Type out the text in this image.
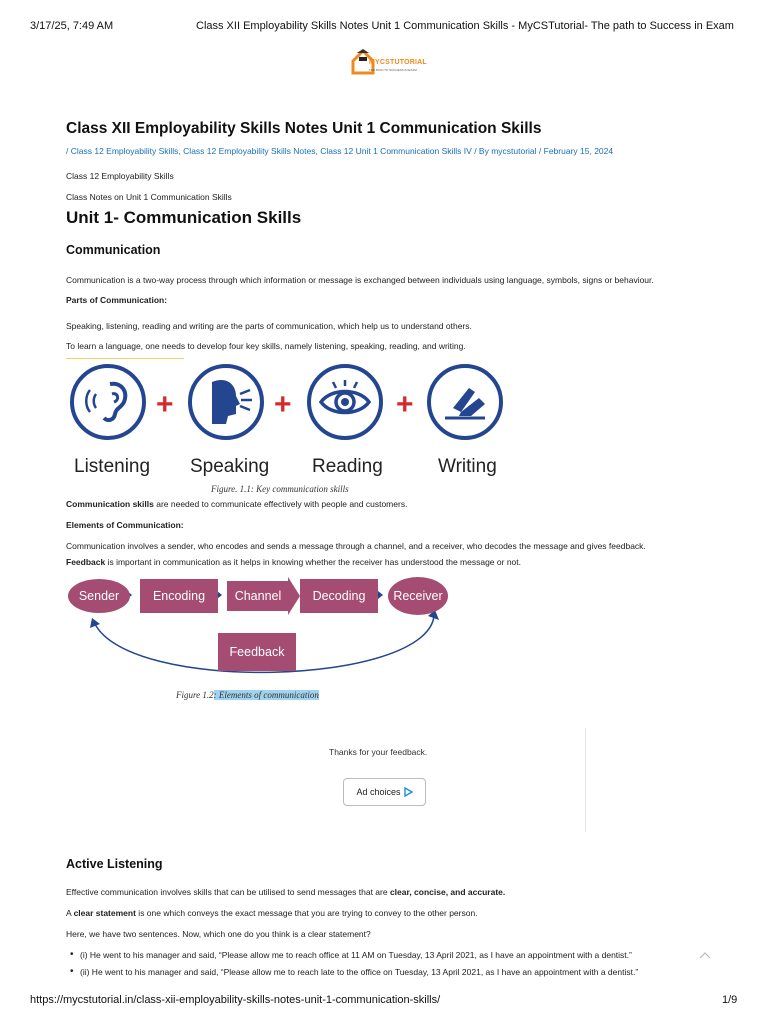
3/17/25, 7:49 AM	Class XII Employability Skills Notes Unit 1 Communication Skills - MyCSTutorial- The path to Success in Exam
MYCSTUTORIAL
THE PATH TO SUCCESS IN EXAM
Class XII Employability Skills Notes Unit 1 Communication Skills
/ Class 12 Employability Skills, Class 12 Employability Skills Notes, Class 12 Unit 1 Communication Skills IV / By mycstutorial / February 15, 2024
Class 12 Employability Skills
Class Notes on Unit 1 Communication Skills
Unit 1- Communication Skills
Communication
Communication is a two-way process through which information or message is exchanged between individuals using language, symbols, signs or behaviour.
Parts of Communication:
Speaking, listening, reading and writing are the parts of communication, which help us to understand others.
To learn a language, one needs to develop four key skills, namely listening, speaking, reading, and writing.
+	+	+
Listening Speaking Reading	Writing
Figure. 1.1: Key communication skills
Communication skills are needed to communicate effectively with people and customers.
Elements of Communication:
Communication involves a sender, who encodes and sends a message through a channel, and a receiver, who decodes the message and gives feedback.
Feedback is important in communication as it helps in knowing whether the receiver has understood the message or not.
Sender	Encoding	Channel	Decoding	Receiver
Feedback
Figure 1.2: Elements of communication
Thanks for your feedback.
Ad choices
Active Listening
Effective communication involves skills that can be utilised to send messages that are clear, concise, and accurate.
A clear statement is one which conveys the exact message that you are trying to convey to the other person.
Here, we have two sentences. Now, which one do you think is a clear statement?
• (i) He went to his manager and said, “Please allow me to reach office at 11 AM on Tuesday, 13 April 2021, as I have an appointment with a dentist.”
• (ii) He went to his manager and said, “Please allow me to reach late to the office on Tuesday, 13 April 2021, as I have an appointment with a dentist.”
https://mycstutorial.in/class-xii-employability-skills-notes-unit-1-communication-skills/	1/9
